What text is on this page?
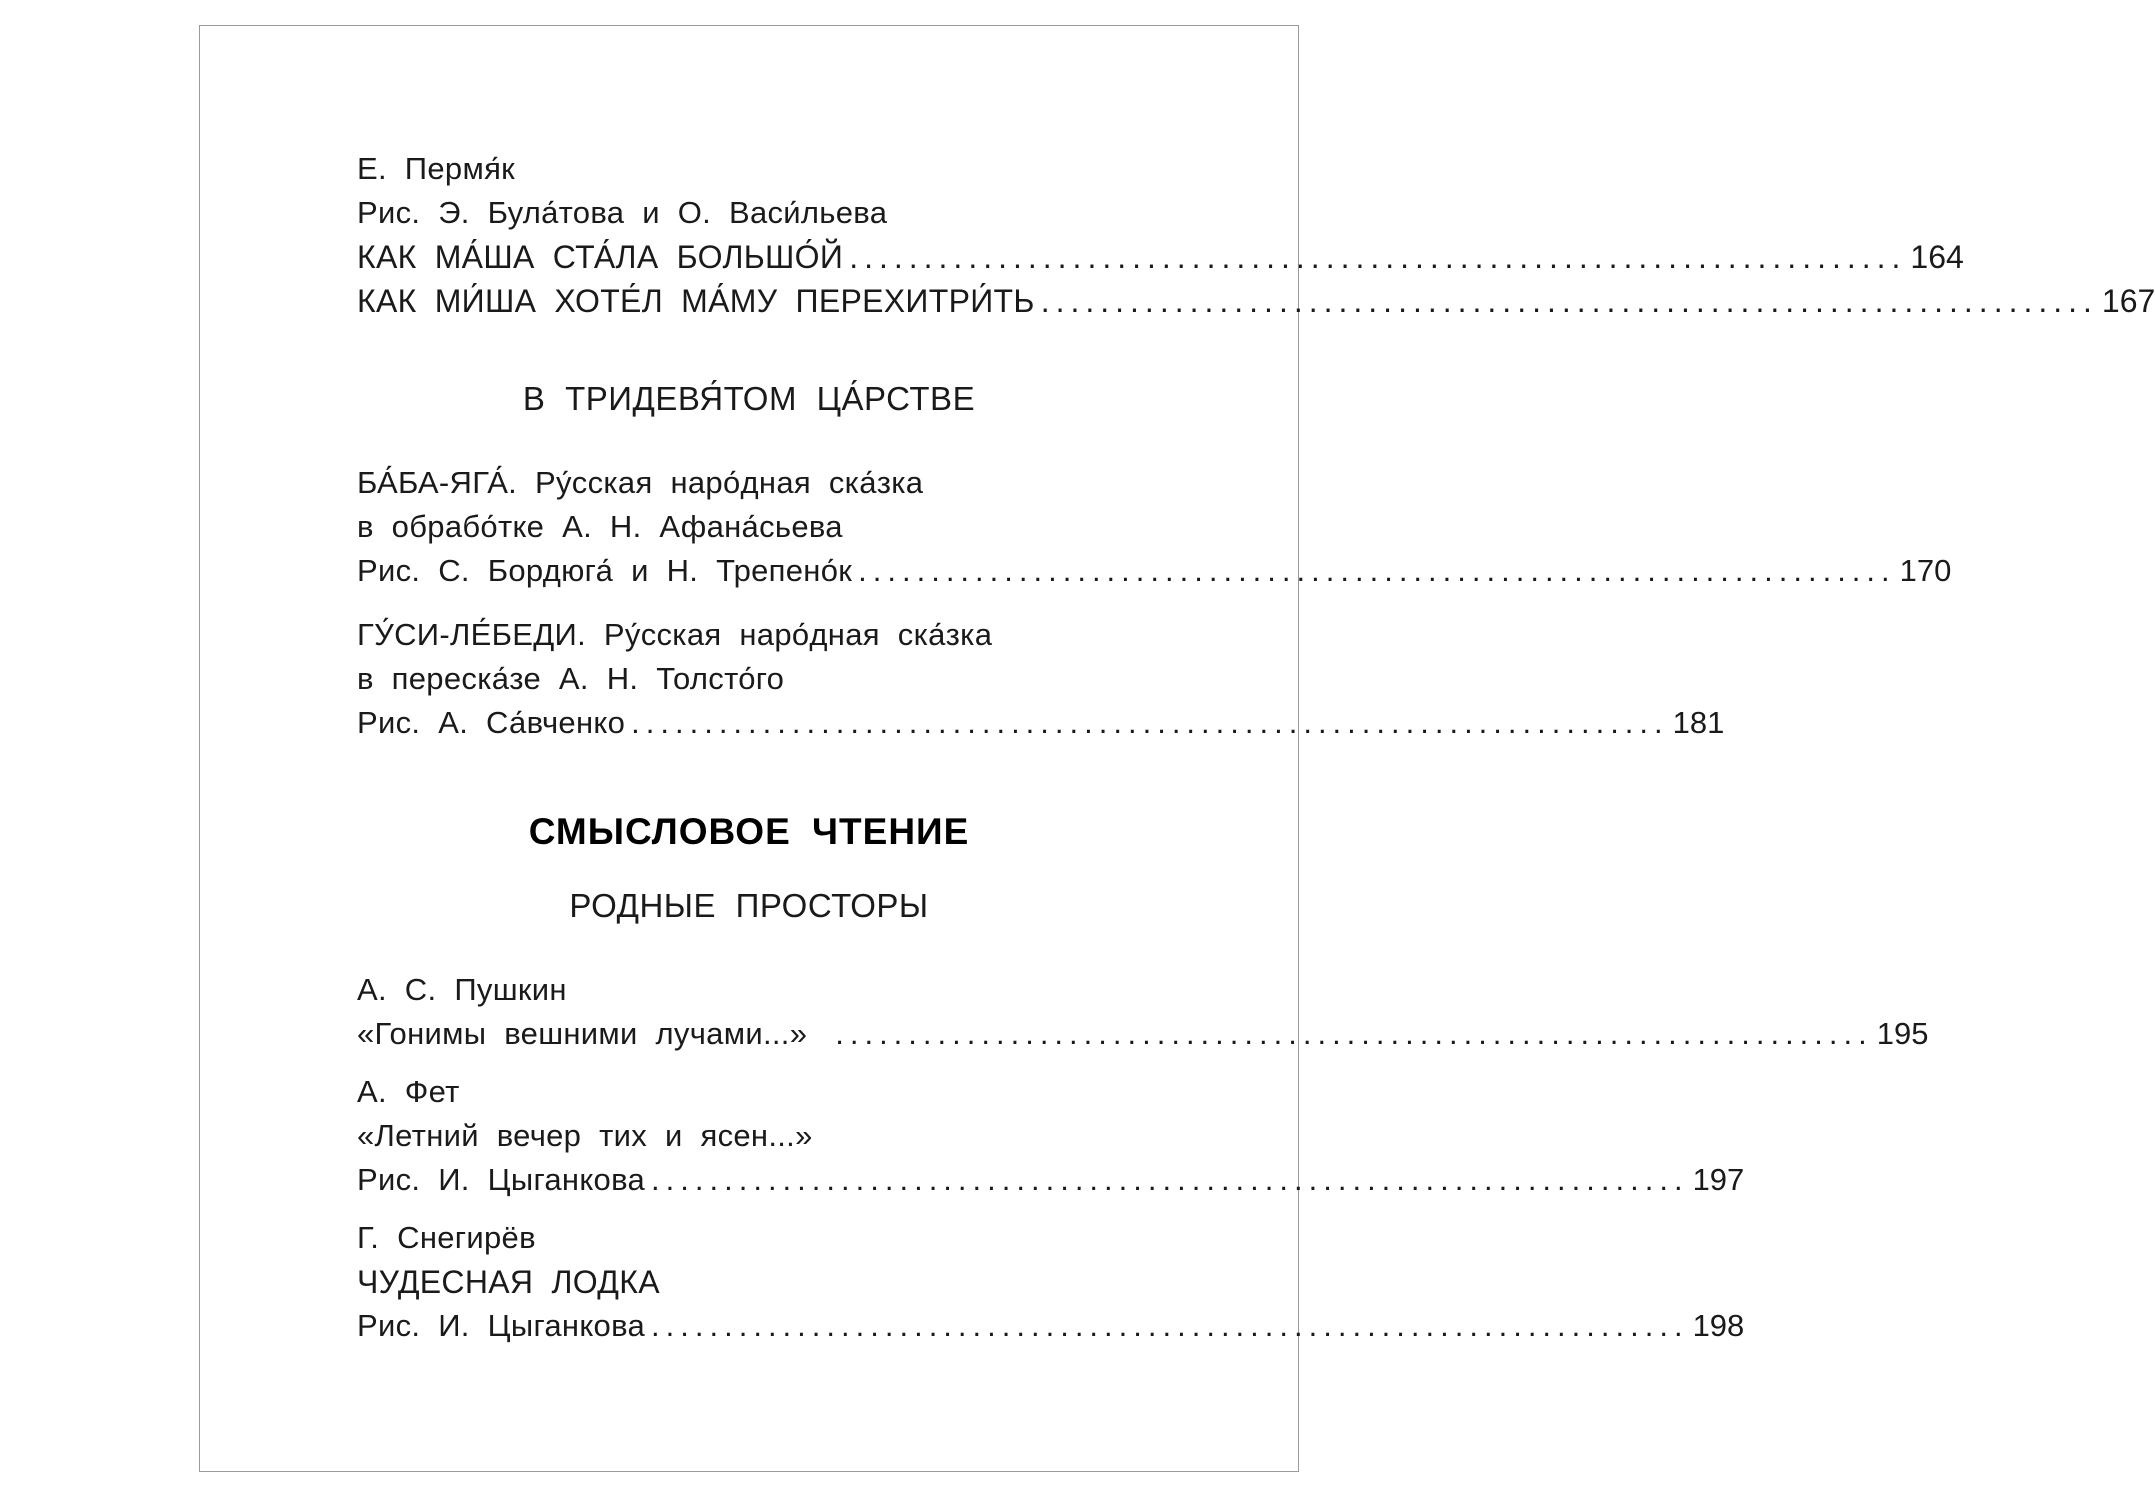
Е. Пермя́к
Рис. Э. Була́това и О. Васи́льева
КАК МА́ША СТА́ЛА БОЛЬШО́Й ....................................................................... 164
КАК МИ́ША ХОТЕ́Л МА́МУ ПЕРЕХИТРИ́ТЬ ....................................................................... 167
В ТРИДЕВЯ́ТОМ ЦА́РСТВЕ
БА́БА-ЯГА́. Ру́сская наро́дная ска́зка
в обрабо́тке А. Н. Афана́сьева
Рис. С. Бордюга́ и Н. Трепено́к ....................................................................... 170
ГУ́СИ-ЛЕ́БЕДИ. Ру́сская наро́дная ска́зка
в переска́зе А. Н. Толсто́го
Рис. А. Са́вченко ....................................................................... 181
СМЫСЛОВОЕ ЧТЕНИЕ
РОДНЫЕ ПРОСТОРЫ
А. С. Пушкин
«Гонимы вешними лучами...» ....................................................................... 195
А. Фет
«Летний вечер тих и ясен...»
Рис. И. Цыганкова ....................................................................... 197
Г. Снегирёв
ЧУДЕСНАЯ ЛОДКА
Рис. И. Цыганкова ....................................................................... 198
